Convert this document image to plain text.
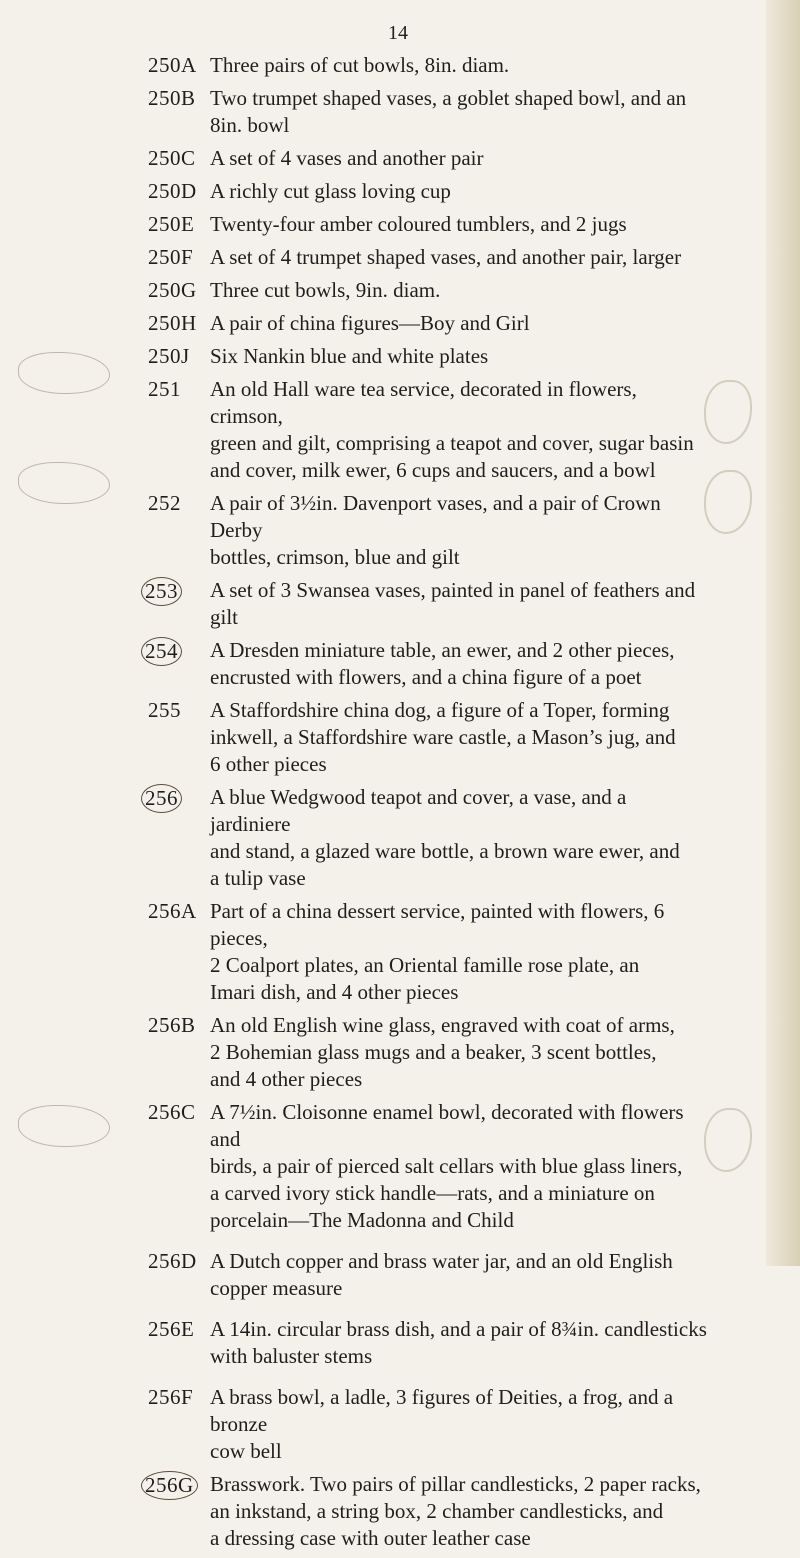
14
250A Three pairs of cut bowls, 8in. diam.

250B Two trumpet shaped vases, a goblet shaped bowl, and an

8in. bowl

250C A set of 4 vases and another pair

250D A richly cut glass loving cup

250E Twenty-four amber coloured tumblers, and 2 jugs

250F A set of 4 trumpet shaped vases, and another pair, larger

250G Three cut bowls, 9in. diam.

250H A pair of china figures—Boy and Girl

250J Six Nankin blue and white plates

251	An old Hall ware tea service, decorated in flowers, crimson,

green and gilt, comprising a teapot and cover, sugar basin

and cover, milk ewer, 6 cups and saucers, and a bowl

252	A pair of 3½in. Davenport vases, and a pair of Crown Derby

bottles, crimson, blue and gilt

253	A set of 3 Swansea vases, painted in panel of feathers and

gilt

254	A Dresden miniature table, an ewer, and 2 other pieces,

encrusted with flowers, and a china figure of a poet

255	A Staffordshire china dog, a figure of a Toper, forming

inkwell, a Staffordshire ware castle, a Mason’s jug, and

6 other pieces

256	A blue Wedgwood teapot and cover, a vase, and a jardiniere

and stand, a glazed ware bottle, a brown ware ewer, and

a tulip vase

256A Part of a china dessert service, painted with flowers, 6 pieces,

2 Coalport plates, an Oriental famille rose plate, an

Imari dish, and 4 other pieces

256B An old English wine glass, engraved with coat of arms,

2 Bohemian glass mugs and a beaker, 3 scent bottles,

and 4 other pieces

256C A 7½in. Cloisonne enamel bowl, decorated with flowers and

birds, a pair of pierced salt cellars with blue glass liners,

a carved ivory stick handle—rats, and a miniature on

porcelain—The Madonna and Child

256D A Dutch copper and brass water jar, and an old English

copper measure

256E A 14in. circular brass dish, and a pair of 8¾in. candlesticks

with baluster stems

256F A brass bowl, a ladle, 3 figures of Deities, a frog, and a bronze

cow bell

256G Brasswork. Two pairs of pillar candlesticks, 2 paper racks,

an inkstand, a string box, 2 chamber candlesticks, and

a dressing case with outer leather case
